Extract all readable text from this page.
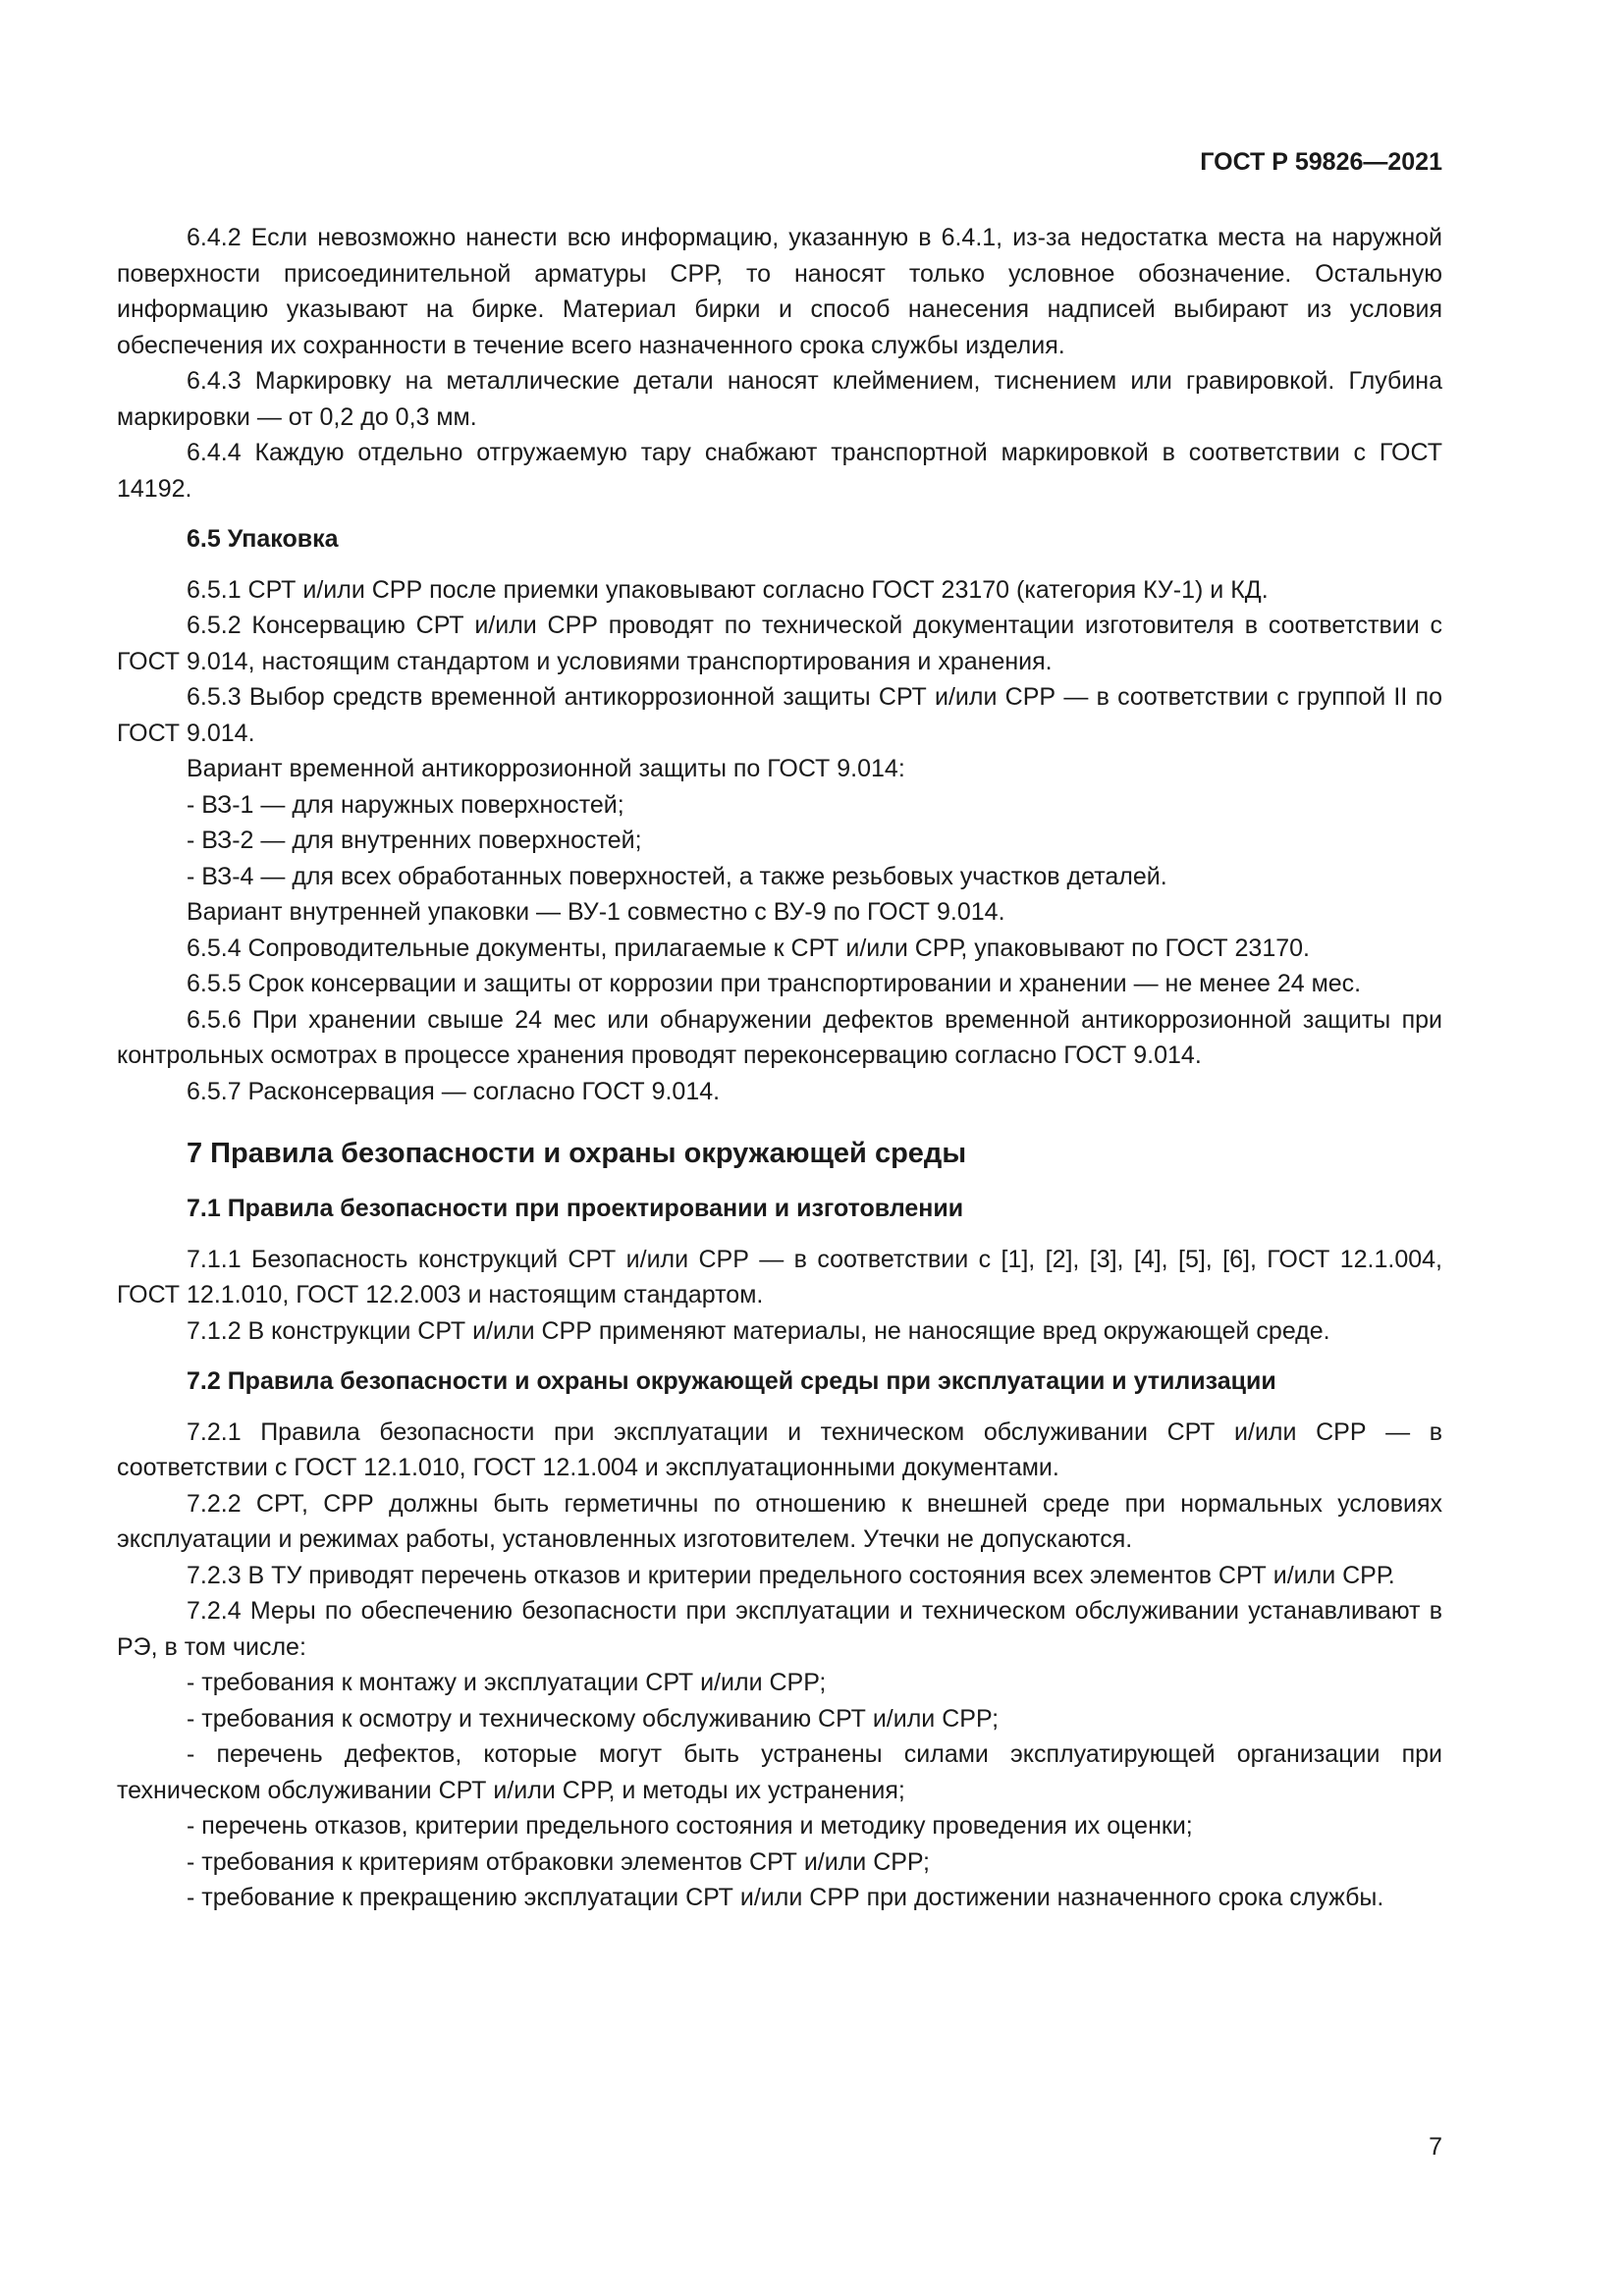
ГОСТ Р 59826—2021

6.4.2 Если невозможно нанести всю информацию, указанную в 6.4.1, из-за недостатка места на наружной поверхности присоединительной арматуры СРР, то наносят только условное обозначение. Остальную информацию указывают на бирке. Материал бирки и способ нанесения надписей выбирают из условия обеспечения их сохранности в течение всего назначенного срока службы изделия.

6.4.3 Маркировку на металлические детали наносят клеймением, тиснением или гравировкой. Глубина маркировки — от 0,2 до 0,3 мм.

6.4.4 Каждую отдельно отгружаемую тару снабжают транспортной маркировкой в соответствии с ГОСТ 14192.

6.5 Упаковка

6.5.1 СРТ и/или СРР после приемки упаковывают согласно ГОСТ 23170 (категория КУ-1) и КД.

6.5.2 Консервацию СРТ и/или СРР проводят по технической документации изготовителя в соответствии с ГОСТ 9.014, настоящим стандартом и условиями транспортирования и хранения.

6.5.3 Выбор средств временной антикоррозионной защиты СРТ и/или СРР — в соответствии с группой II по ГОСТ 9.014.

Вариант временной антикоррозионной защиты по ГОСТ 9.014:

- ВЗ-1 — для наружных поверхностей;

- ВЗ-2 — для внутренних поверхностей;

- ВЗ-4 — для всех обработанных поверхностей, а также резьбовых участков деталей.

Вариант внутренней упаковки — ВУ-1 совместно с ВУ-9 по ГОСТ 9.014.

6.5.4 Сопроводительные документы, прилагаемые к СРТ и/или СРР, упаковывают по ГОСТ 23170.

6.5.5 Срок консервации и защиты от коррозии при транспортировании и хранении — не менее 24 мес.

6.5.6 При хранении свыше 24 мес или обнаружении дефектов временной антикоррозионной защиты при контрольных осмотрах в процессе хранения проводят переконсервацию согласно ГОСТ 9.014.

6.5.7 Расконсервация — согласно ГОСТ 9.014.

7 Правила безопасности и охраны окружающей среды

7.1 Правила безопасности при проектировании и изготовлении

7.1.1 Безопасность конструкций СРТ и/или СРР — в соответствии с [1], [2], [3], [4], [5], [6], ГОСТ 12.1.004, ГОСТ 12.1.010, ГОСТ 12.2.003 и настоящим стандартом.

7.1.2 В конструкции СРТ и/или СРР применяют материалы, не наносящие вред окружающей среде.

7.2 Правила безопасности и охраны окружающей среды при эксплуатации и утилизации

7.2.1 Правила безопасности при эксплуатации и техническом обслуживании СРТ и/или СРР — в соответствии с ГОСТ 12.1.010, ГОСТ 12.1.004 и эксплуатационными документами.

7.2.2 СРТ, СРР должны быть герметичны по отношению к внешней среде при нормальных условиях эксплуатации и режимах работы, установленных изготовителем. Утечки не допускаются.

7.2.3 В ТУ приводят перечень отказов и критерии предельного состояния всех элементов СРТ и/или СРР.

7.2.4 Меры по обеспечению безопасности при эксплуатации и техническом обслуживании устанавливают в РЭ, в том числе:

- требования к монтажу и эксплуатации СРТ и/или СРР;

- требования к осмотру и техническому обслуживанию СРТ и/или СРР;

- перечень дефектов, которые могут быть устранены силами эксплуатирующей организации при техническом обслуживании СРТ и/или СРР, и методы их устранения;

- перечень отказов, критерии предельного состояния и методику проведения их оценки;

- требования к критериям отбраковки элементов СРТ и/или СРР;

- требование к прекращению эксплуатации СРТ и/или СРР при достижении назначенного срока службы.

7
